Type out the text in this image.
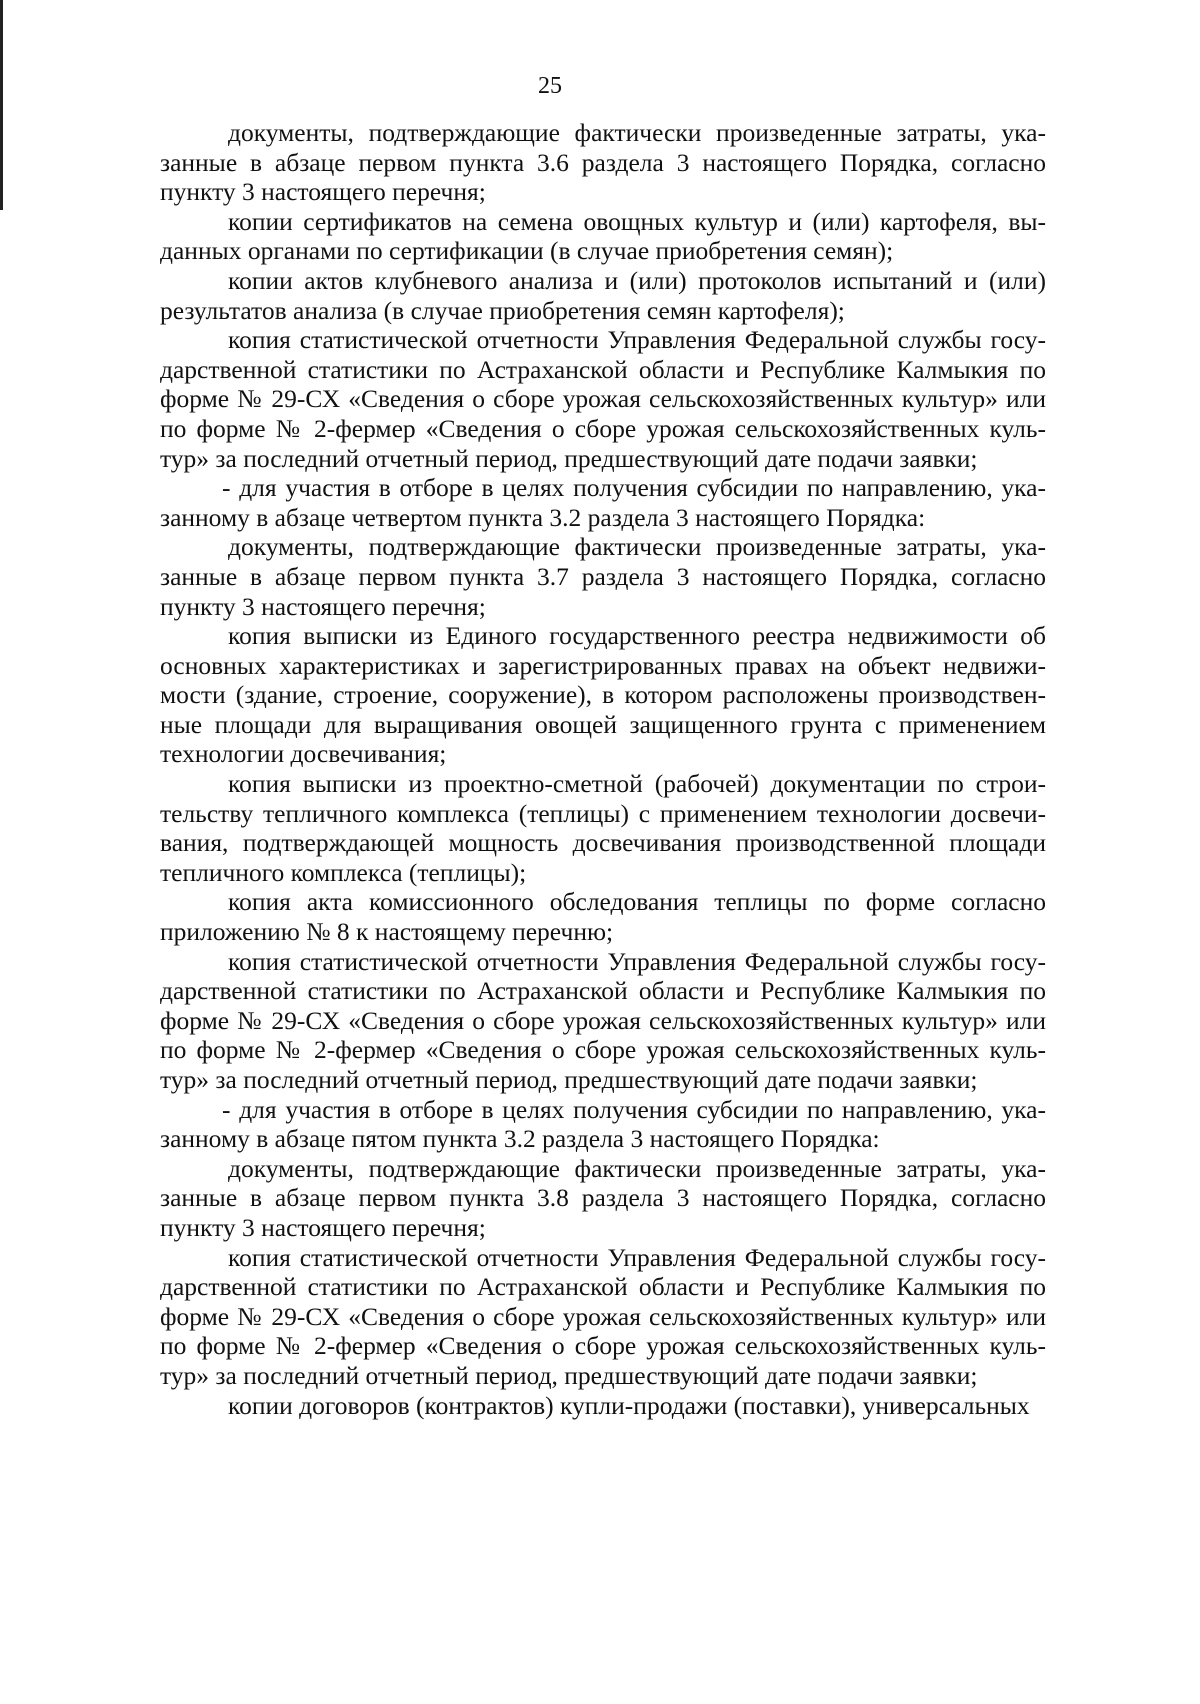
25

документы, подтверждающие фактически произведенные затраты, указанные в абзаце первом пункта 3.6 раздела 3 настоящего Порядка, согласно пункту 3 настоящего перечня;

копии сертификатов на семена овощных культур и (или) картофеля, выданных органами по сертификации (в случае приобретения семян);

копии актов клубневого анализа и (или) протоколов испытаний и (или) результатов анализа (в случае приобретения семян картофеля);

копия статистической отчетности Управления Федеральной службы государственной статистики по Астраханской области и Республике Калмыкия по форме № 29-СХ «Сведения о сборе урожая сельскохозяйственных культур» или по форме № 2-фермер «Сведения о сборе урожая сельскохозяйственных культур» за последний отчетный период, предшествующий дате подачи заявки;

- для участия в отборе в целях получения субсидии по направлению, указанному в абзаце четвертом пункта 3.2 раздела 3 настоящего Порядка:

документы, подтверждающие фактически произведенные затраты, указанные в абзаце первом пункта 3.7 раздела 3 настоящего Порядка, согласно пункту 3 настоящего перечня;

копия выписки из Единого государственного реестра недвижимости об основных характеристиках и зарегистрированных правах на объект недвижимости (здание, строение, сооружение), в котором расположены производственные площади для выращивания овощей защищенного грунта с применением технологии досвечивания;

копия выписки из проектно-сметной (рабочей) документации по строительству тепличного комплекса (теплицы) с применением технологии досвечивания, подтверждающей мощность досвечивания производственной площади тепличного комплекса (теплицы);

копия акта комиссионного обследования теплицы по форме согласно приложению № 8 к настоящему перечню;

копия статистической отчетности Управления Федеральной службы государственной статистики по Астраханской области и Республике Калмыкия по форме № 29-СХ «Сведения о сборе урожая сельскохозяйственных культур» или по форме № 2-фермер «Сведения о сборе урожая сельскохозяйственных культур» за последний отчетный период, предшествующий дате подачи заявки;

- для участия в отборе в целях получения субсидии по направлению, указанному в абзаце пятом пункта 3.2 раздела 3 настоящего Порядка:

документы, подтверждающие фактически произведенные затраты, указанные в абзаце первом пункта 3.8 раздела 3 настоящего Порядка, согласно пункту 3 настоящего перечня;

копия статистической отчетности Управления Федеральной службы государственной статистики по Астраханской области и Республике Калмыкия по форме № 29-СХ «Сведения о сборе урожая сельскохозяйственных культур» или по форме № 2-фермер «Сведения о сборе урожая сельскохозяйственных культур» за последний отчетный период, предшествующий дате подачи заявки;

копии договоров (контрактов) купли-продажи (поставки), универсальных
